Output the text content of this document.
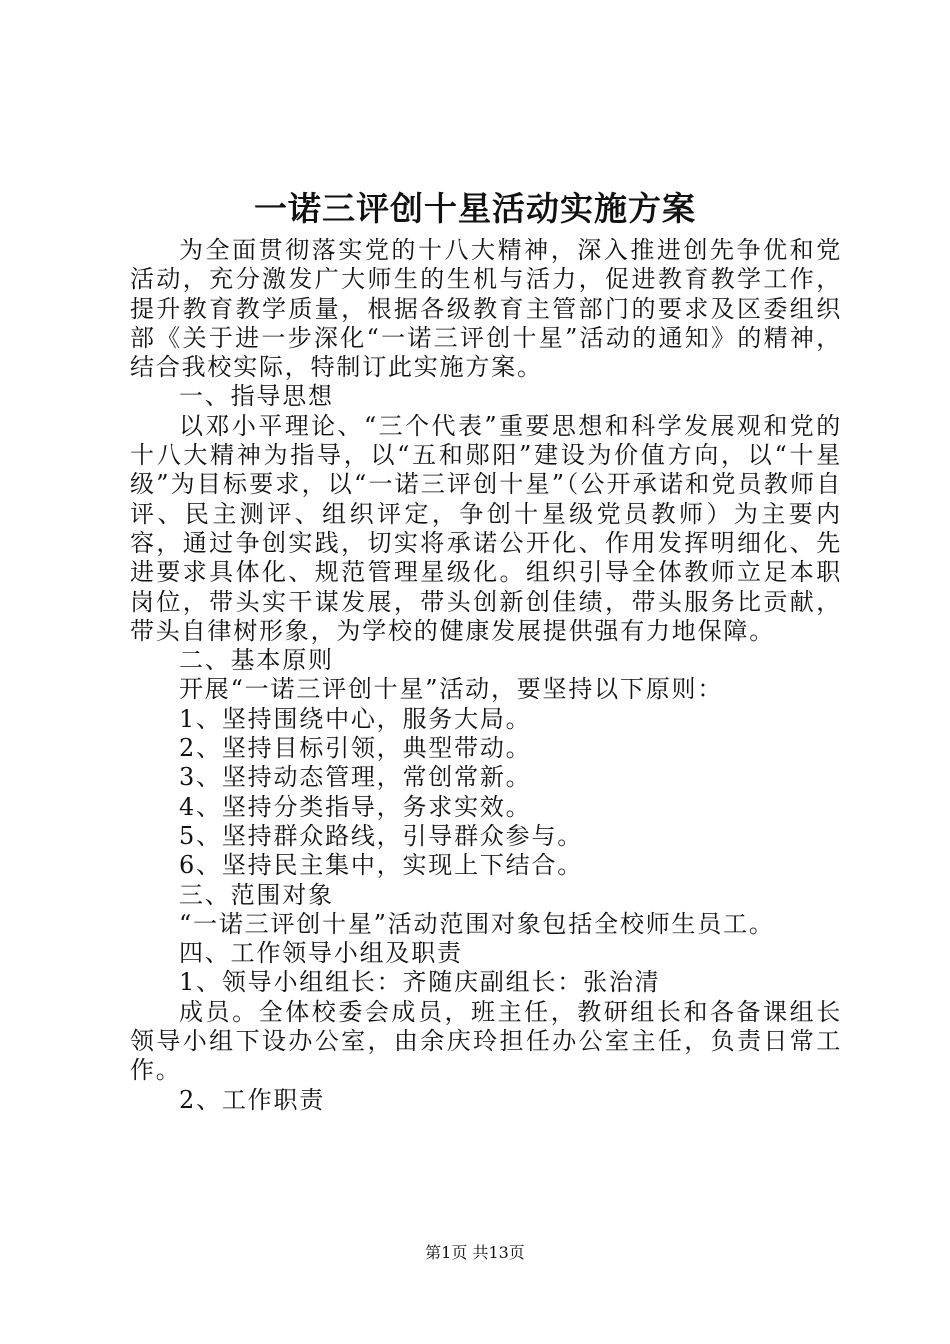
一诺三评创十星活动实施方案

为全面贯彻落实党的十八大精神，深入推进创先争优和党活动，充分激发广大师生的生机与活力，促进教育教学工作，提升教育教学质量，根据各级教育主管部门的要求及区委组织部《关于进一步深化“一诺三评创十星”活动的通知》的精神，结合我校实际，特制订此实施方案。

一、指导思想

以邓小平理论、“三个代表”重要思想和科学发展观和党的十八大精神为指导，以“五和郧阳”建设为价值方向，以“十星级”为目标要求，以“一诺三评创十星”（公开承诺和党员教师自评、民主测评、组织评定，争创十星级党员教师）为主要内容，通过争创实践，切实将承诺公开化、作用发挥明细化、先进要求具体化、规范管理星级化。组织引导全体教师立足本职岗位，带头实干谋发展，带头创新创佳绩，带头服务比贡献，带头自律树形象，为学校的健康发展提供强有力地保障。

二、基本原则

开展“一诺三评创十星”活动，要坚持以下原则：

1、坚持围绕中心，服务大局。

2、坚持目标引领，典型带动。

3、坚持动态管理，常创常新。

4、坚持分类指导，务求实效。

5、坚持群众路线，引导群众参与。

6、坚持民主集中，实现上下结合。

三、范围对象

“一诺三评创十星”活动范围对象包括全校师生员工。

四、工作领导小组及职责

1、领导小组组长：齐随庆副组长：张治清

成员。全体校委会成员，班主任，教研组长和各备课组长领导小组下设办公室，由余庆玲担任办公室主任，负责日常工作。

2、工作职责

第1页 共13页
